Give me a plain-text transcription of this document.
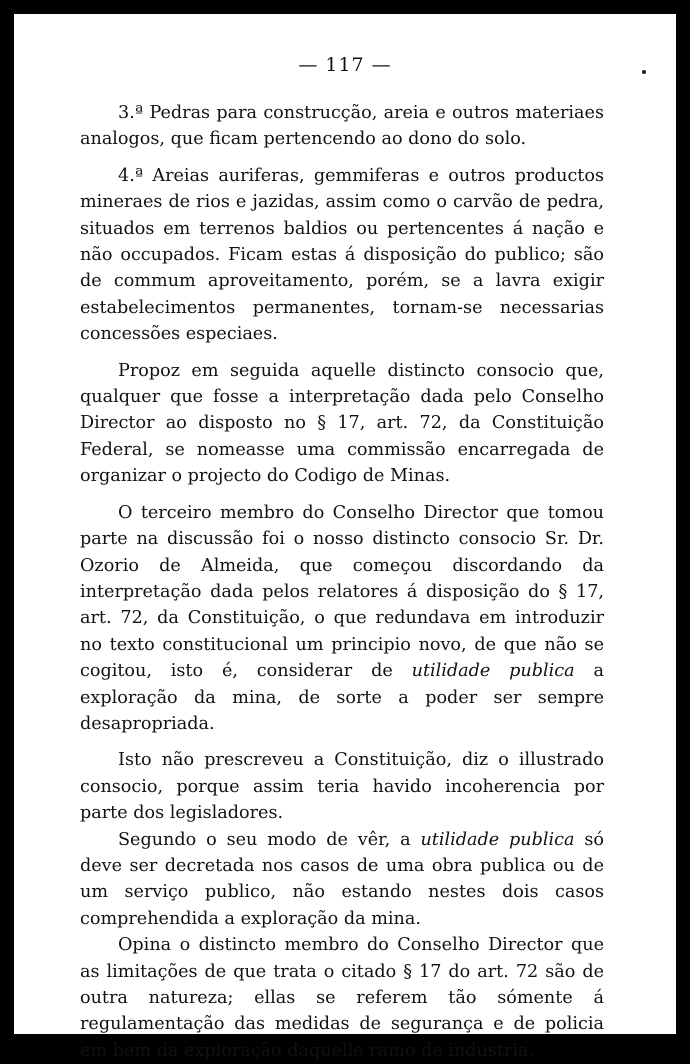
— 117 —

3.ª Pedras para construcção, areia e outros materiaes analogos, que ficam pertencendo ao dono do solo.

4.ª Areias auriferas, gemmiferas e outros productos mineraes de rios e jazidas, assim como o carvão de pedra, situados em terrenos baldios ou pertencentes á nação e não occupados. Ficam estas á disposição do publico; são de commum aproveitamento, porém, se a lavra exigir estabelecimentos permanentes, tornam-se necessarias concessões especiaes.

Propoz em seguida aquelle distincto consocio que, qualquer que fosse a interpretação dada pelo Conselho Director ao disposto no § 17, art. 72, da Constituição Federal, se nomeasse uma commissão encarregada de organizar o projecto do Codigo de Minas.

O terceiro membro do Conselho Director que tomou parte na discussão foi o nosso distincto consocio Sr. Dr. Ozorio de Almeida, que começou discordando da interpretação dada pelos relatores á disposição do § 17, art. 72, da Constituição, o que redundava em introduzir no texto constitucional um principio novo, de que não se cogitou, isto é, considerar de utilidade publica a exploração da mina, de sorte a poder ser sempre desapropriada.

Isto não prescreveu a Constituição, diz o illustrado consocio, porque assim teria havido incoherencia por parte dos legisladores.

Segundo o seu modo de vêr, a utilidade publica só deve ser decretada nos casos de uma obra publica ou de um serviço publico, não estando nestes dois casos comprehendida a exploração da mina.

Opina o distincto membro do Conselho Director que as limitações de que trata o citado § 17 do art. 72 são de outra natureza; ellas se referem tão sómente á regulamentação das medidas de segurança e de policia em bem da exploração daquelle ramo de industria.
